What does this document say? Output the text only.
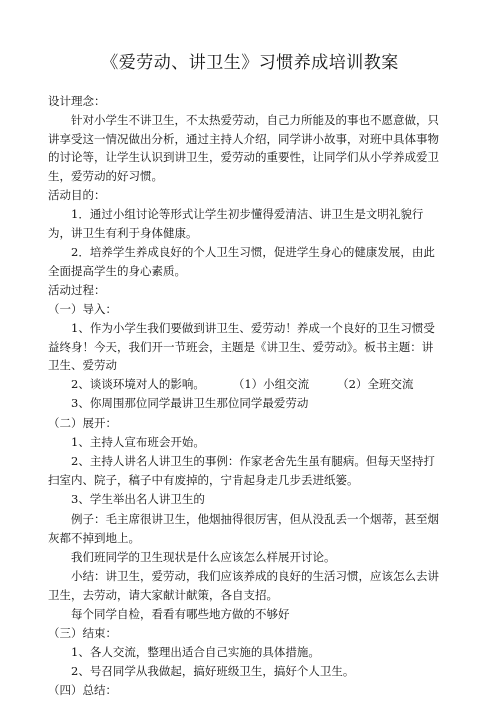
《爱劳动、讲卫生》习惯养成培训教案
设计理念：
针对小学生不讲卫生，不太热爱劳动，自己力所能及的事也不愿意做，只讲享受这一情况做出分析，通过主持人介绍，同学讲小故事，对班中具体事物的讨论等，让学生认识到讲卫生，爱劳动的重要性，让同学们从小学养成爱卫生，爱劳动的好习惯。
活动目的：
1．通过小组讨论等形式让学生初步懂得爱清洁、讲卫生是文明礼貌行为，讲卫生有利于身体健康。
2．培养学生养成良好的个人卫生习惯，促进学生身心的健康发展，由此全面提高学生的身心素质。
活动过程：
（一）导入：
1、作为小学生我们要做到讲卫生、爱劳动！养成一个良好的卫生习惯受益终身！今天，我们开一节班会，主题是《讲卫生、爱劳动》。板书主题：讲卫生、爱劳动
2、谈谈环境对人的影响。 （1）小组交流 （2）全班交流
3、你周围那位同学最讲卫生那位同学最爱劳动
（二）展开：
1、主持人宣布班会开始。
2、主持人讲名人讲卫生的事例：作家老舍先生虽有腿病。但每天坚持打扫室内、院子，稿子中有废掉的，宁肯起身走几步丢进纸篓。
3、学生举出名人讲卫生的
例子：毛主席很讲卫生，他烟抽得很厉害，但从没乱丢一个烟蒂，甚至烟灰都不掉到地上。
我们班同学的卫生现状是什么应该怎么样展开讨论。
小结：讲卫生，爱劳动，我们应该养成的良好的生活习惯，应该怎么去讲卫生，去劳动，请大家献计献策，各自支招。
每个同学自检，看看有哪些地方做的不够好
（三）结束：
1、各人交流，整理出适合自己实施的具体措施。
2、号召同学从我做起，搞好班级卫生，搞好个人卫生。
（四）总结：
